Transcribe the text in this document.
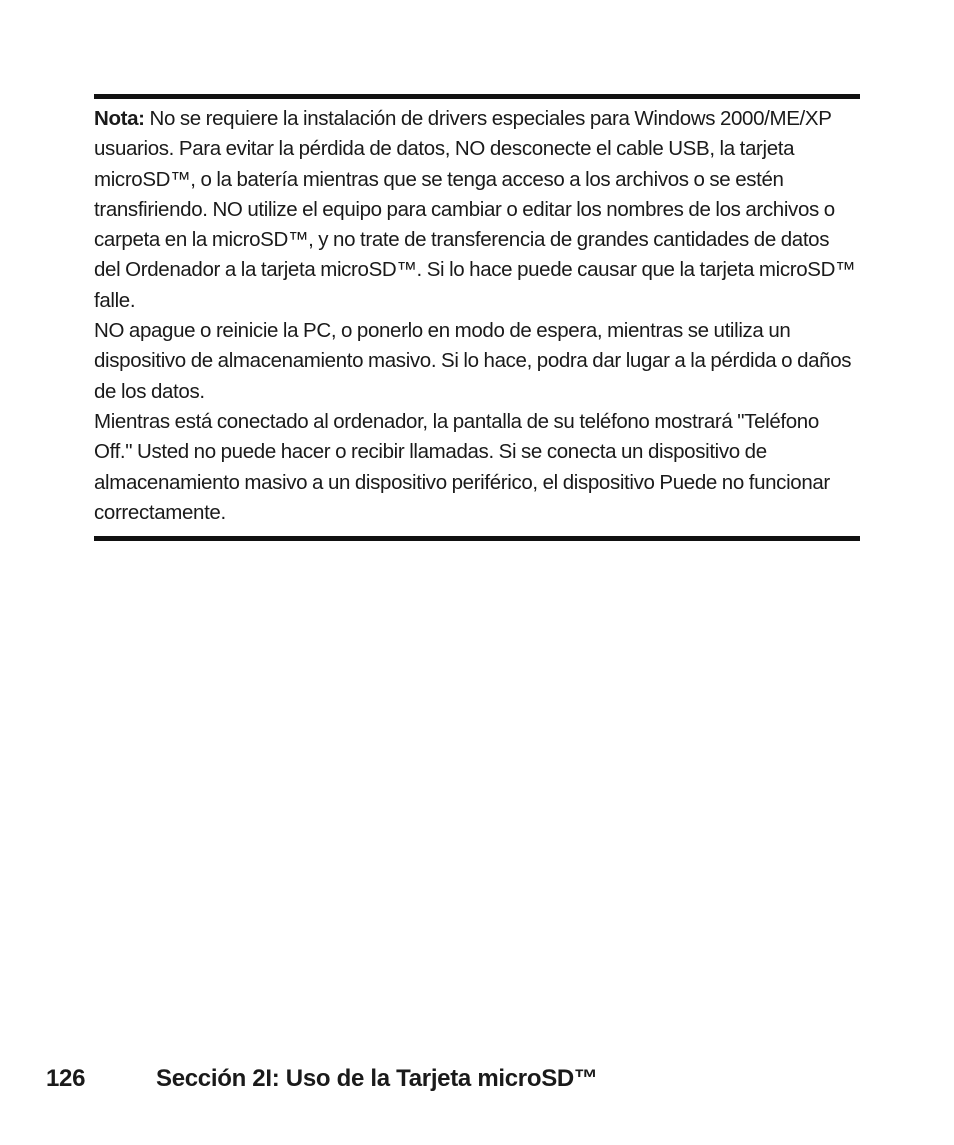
Nota: No se requiere la instalación de drivers especiales para Windows 2000/ME/XP usuarios. Para evitar la pérdida de datos, NO desconecte el cable USB, la tarjeta microSD™, o la batería mientras que se tenga acceso a los archivos o se estén transfiriendo. NO utilize el equipo para cambiar o editar los nombres de los archivos o carpeta en la microSD™, y no trate de transferencia de grandes cantidades de datos del Ordenador a la tarjeta microSD™. Si lo hace puede causar que la tarjeta microSD™ falle.

NO apague o reinicie la PC, o ponerlo en modo de espera, mientras se utiliza un dispositivo de almacenamiento masivo. Si lo hace, podra dar lugar a la pérdida o daños de los datos.

Mientras está conectado al ordenador, la pantalla de su teléfono mostrará "Teléfono Off." Usted no puede hacer o recibir llamadas. Si se conecta un dispositivo de almacenamiento masivo a un dispositivo periférico, el dispositivo Puede no funcionar correctamente.

126	Sección 2I: Uso de la Tarjeta microSD™
